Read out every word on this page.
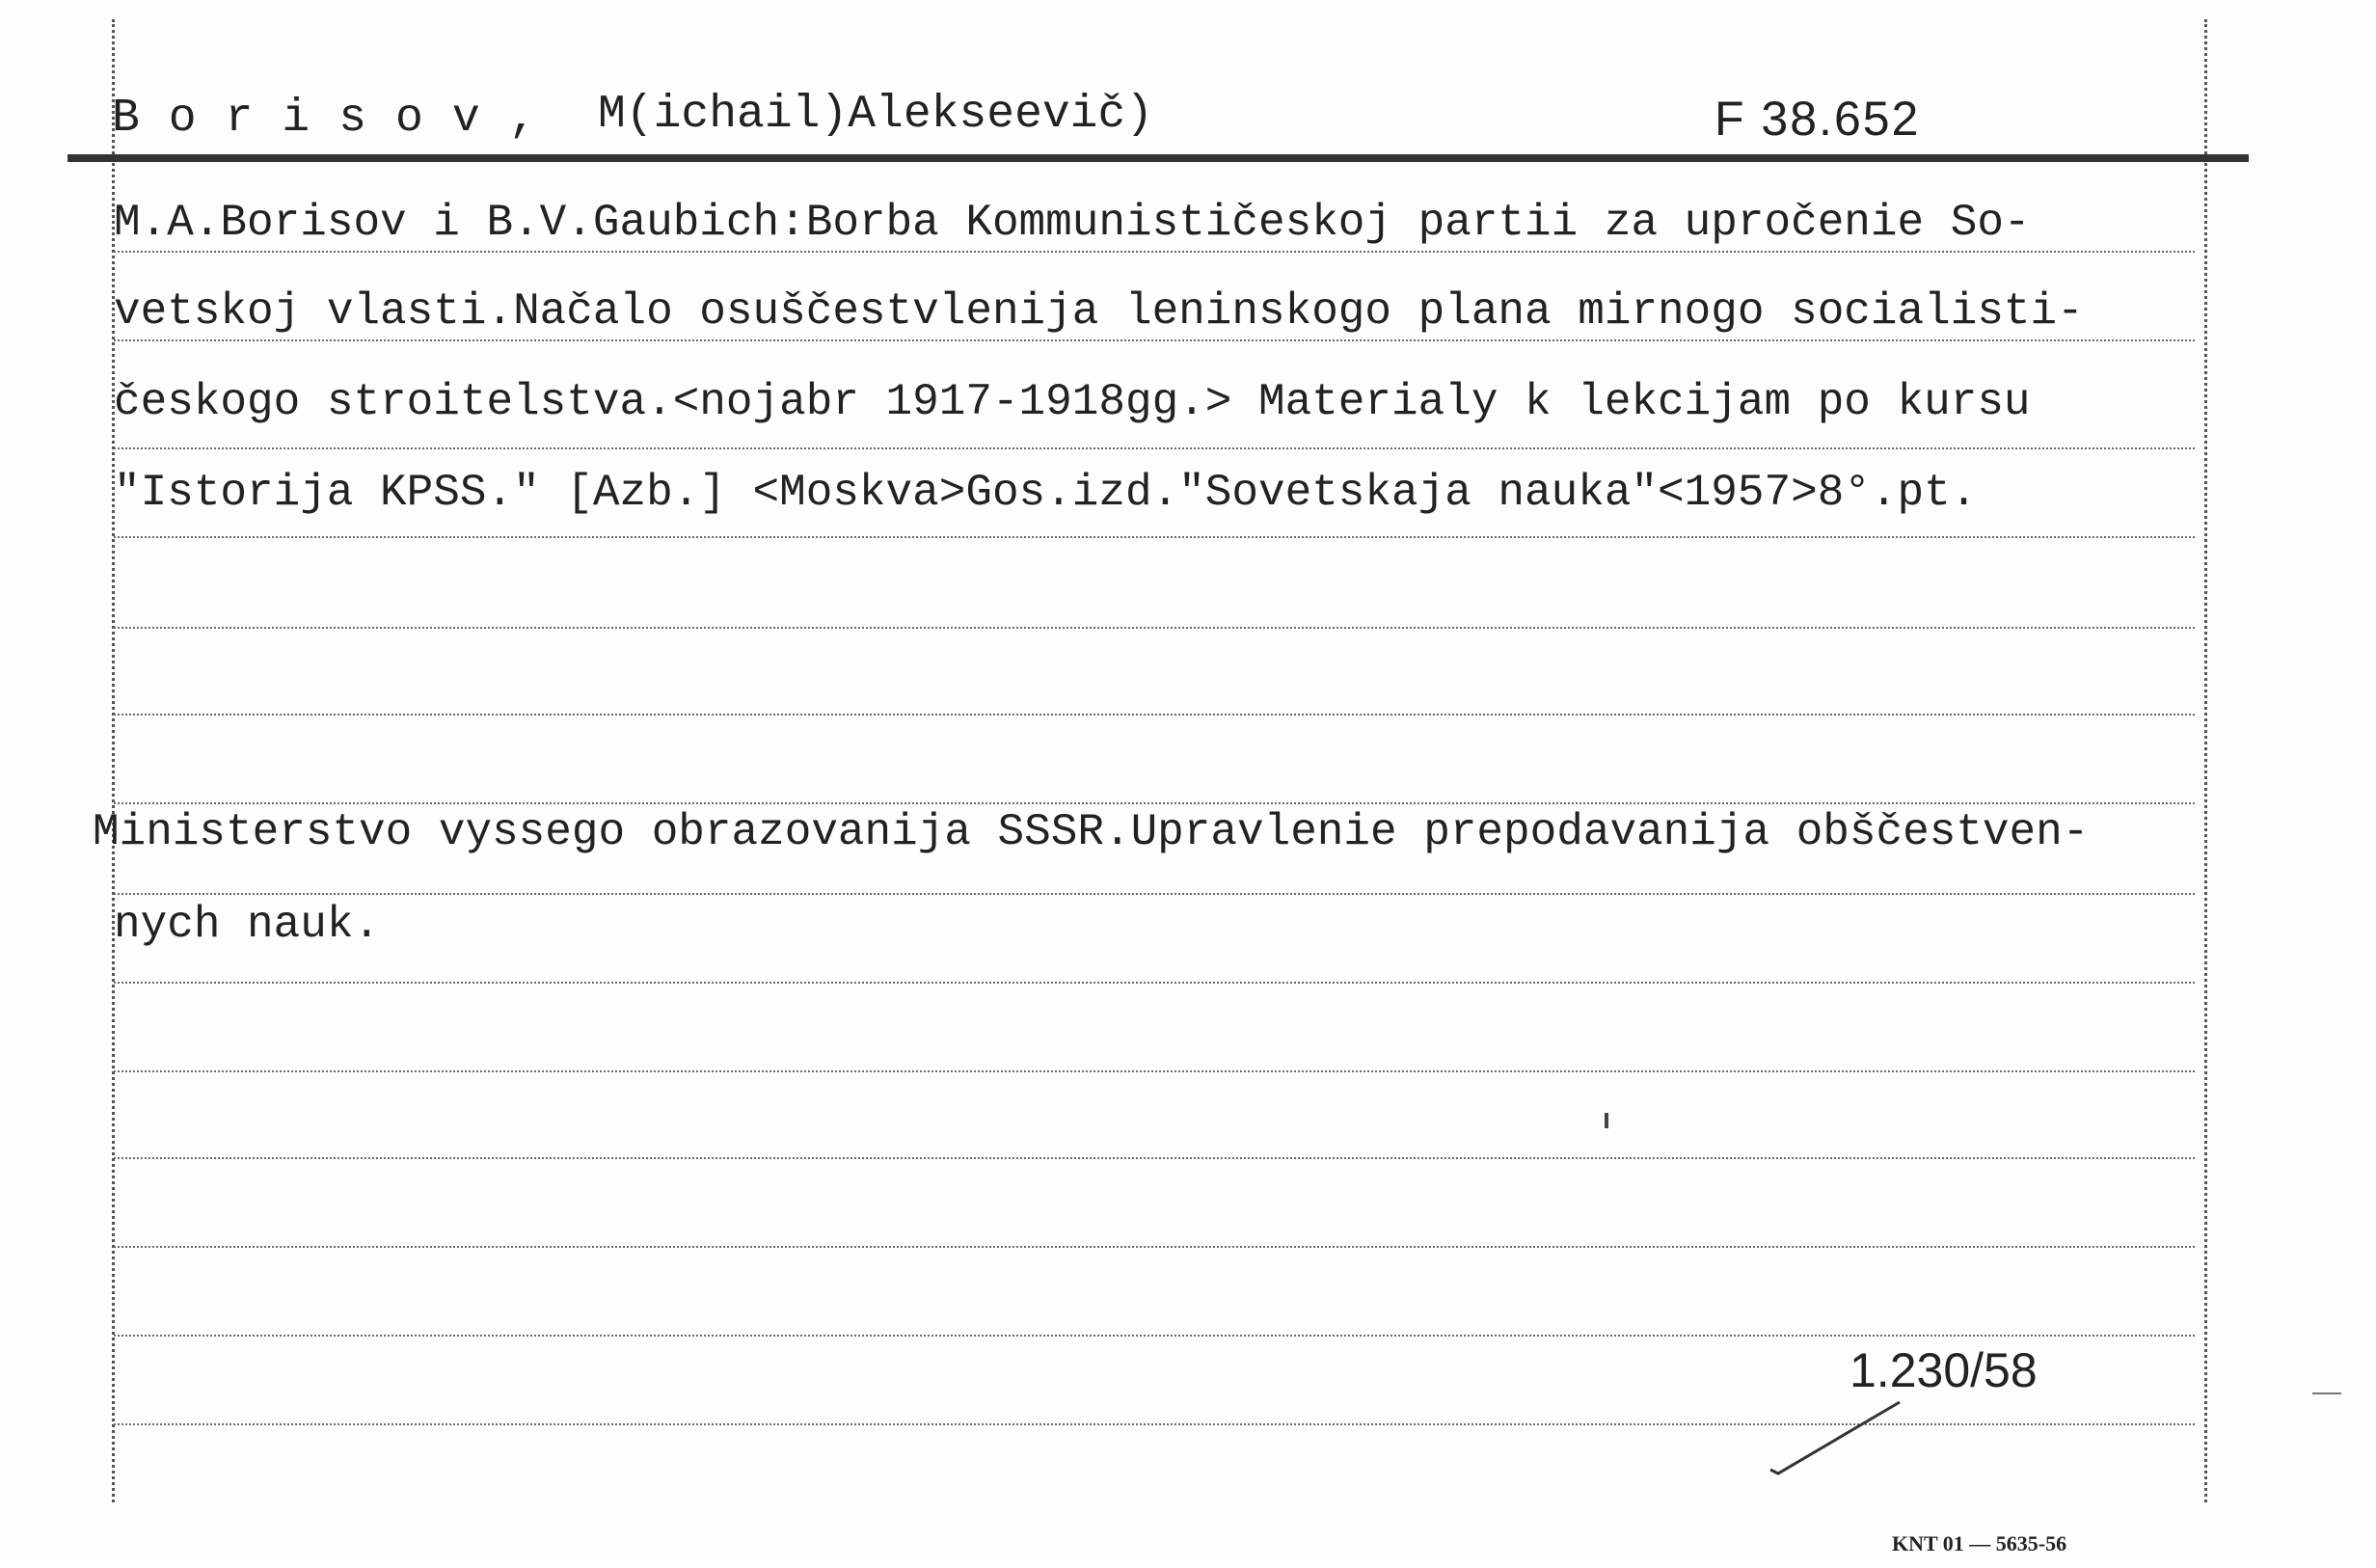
Borisov, M(ichail)Aleksеevič)	F 38.652
M.A.Borisov i B.V.Gaubich:Borba Kommunističeskoj partii za upročenie So-
vetskoj vlasti.Načalo osuščestvlenija leninskogo plana mirnogo socialisti-
českogo stroitelstva.<nojabr 1917-1918gg.> Materialy k lekcijam po kursu
"Istorija KPSS." [Azb.] <Moskva>Gos.izd."Sovetskaja nauka"<1957>8°.pt.
Ministerstvo vyssego obrazovanija SSSR.Upravlenie prepodavanija obščestven-
nych nauk.
1.230/58
KNT 01 — 5635-56
